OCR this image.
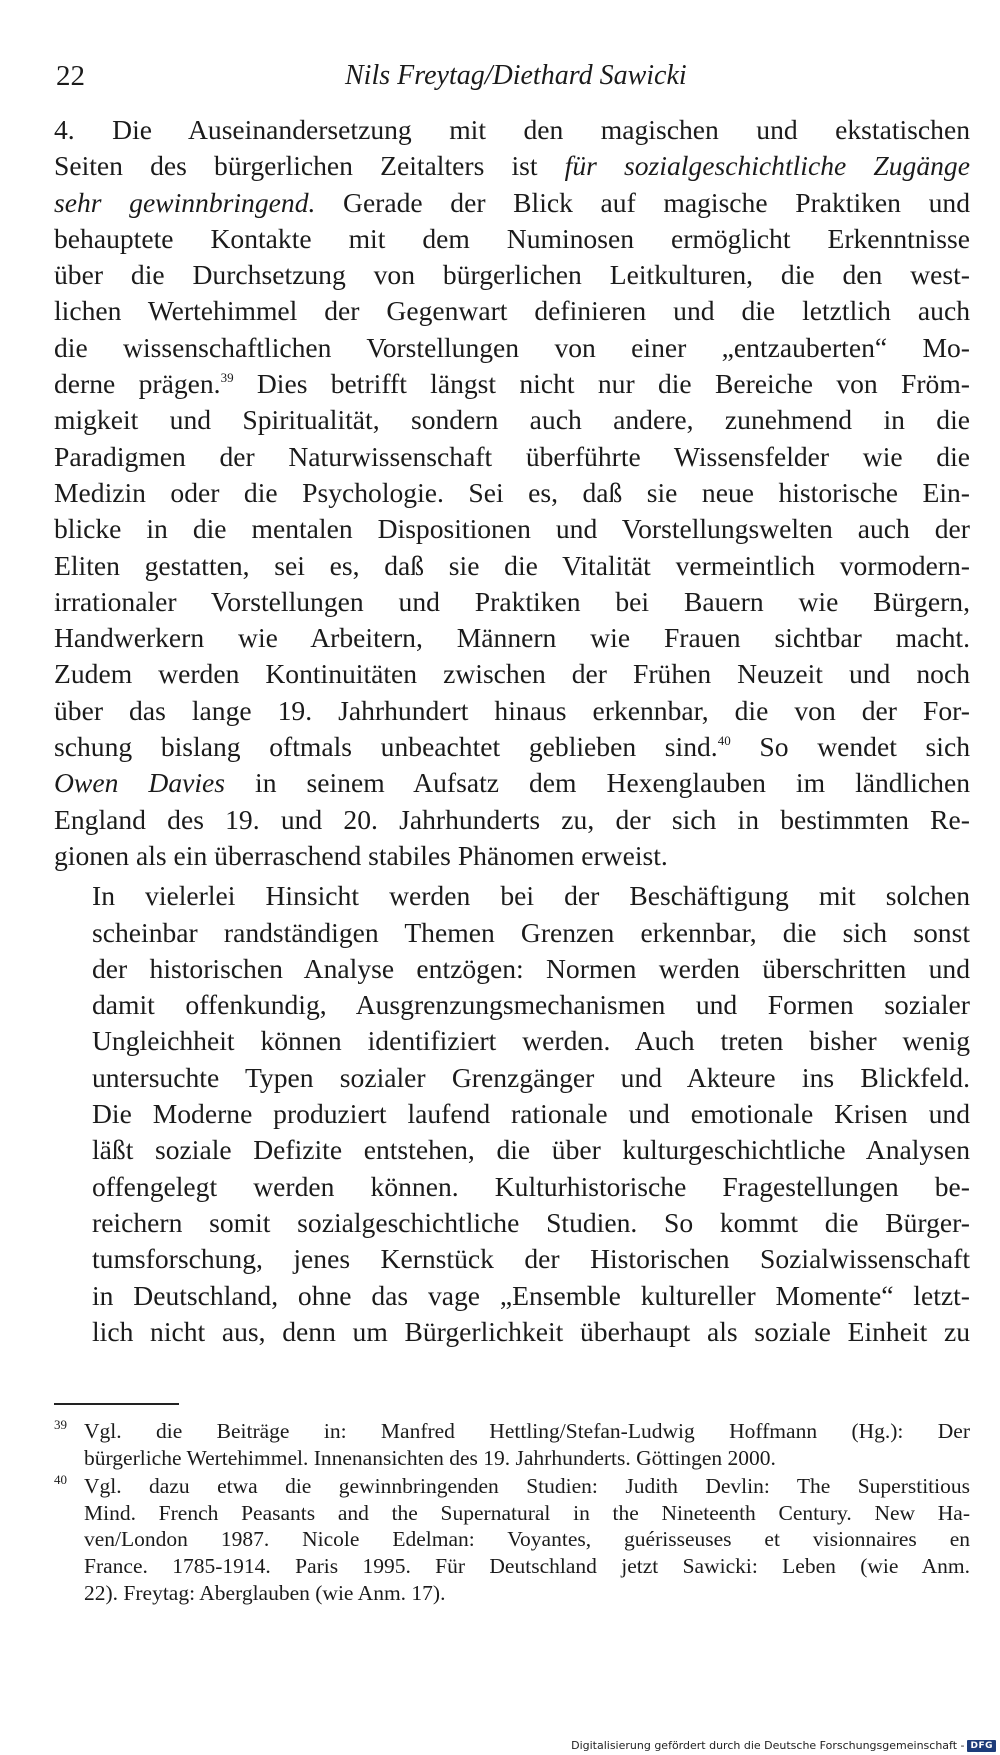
22	Nils Freytag/Diethard Sawicki

4. Die Auseinandersetzung mit den magischen und ekstatischen
Seiten des bürgerlichen Zeitalters ist für sozialgeschichtliche Zugänge
sehr gewinnbringend. Gerade der Blick auf magische Praktiken und
behauptete Kontakte mit dem Numinosen ermöglicht Erkenntnisse
über die Durchsetzung von bürgerlichen Leitkulturen, die den west-
lichen Wertehimmel der Gegenwart definieren und die letztlich auch
die wissenschaftlichen Vorstellungen von einer „entzauberten“ Mo-
derne prägen.$^{39}$ Dies betrifft längst nicht nur die Bereiche von Fröm-
migkeit und Spiritualität, sondern auch andere, zunehmend in die
Paradigmen der Naturwissenschaft überführte Wissensfelder wie die
Medizin oder die Psychologie. Sei es, daß sie neue historische Ein-
blicke in die mentalen Dispositionen und Vorstellungswelten auch der
Eliten gestatten, sei es, daß sie die Vitalität vermeintlich vormodern-
irrationaler Vorstellungen und Praktiken bei Bauern wie Bürgern,
Handwerkern wie Arbeitern, Männern wie Frauen sichtbar macht.
Zudem werden Kontinuitäten zwischen der Frühen Neuzeit und noch
über das lange 19. Jahrhundert hinaus erkennbar, die von der For-
schung bislang oftmals unbeachtet geblieben sind.$^{40}$ So wendet sich
Owen Davies in seinem Aufsatz dem Hexenglauben im ländlichen
England des 19. und 20. Jahrhunderts zu, der sich in bestimmten Re-
gionen als ein überraschend stabiles Phänomen erweist.

In vielerlei Hinsicht werden bei der Beschäftigung mit solchen
scheinbar randständigen Themen Grenzen erkennbar, die sich sonst
der historischen Analyse entzögen: Normen werden überschritten und
damit offenkundig, Ausgrenzungsmechanismen und Formen sozialer
Ungleichheit können identifiziert werden. Auch treten bisher wenig
untersuchte Typen sozialer Grenzgänger und Akteure ins Blickfeld.
Die Moderne produziert laufend rationale und emotionale Krisen und
läßt soziale Defizite entstehen, die über kulturgeschichtliche Analysen
offengelegt werden können. Kulturhistorische Fragestellungen be-
reichern somit sozialgeschichtliche Studien. So kommt die Bürger-
tumsforschung, jenes Kernstück der Historischen Sozialwissenschaft
in Deutschland, ohne das vage „Ensemble kultureller Momente“ letzt-
lich nicht aus, denn um Bürgerlichkeit überhaupt als soziale Einheit zu

39 Vgl. die Beiträge in: Manfred Hettling/Stefan-Ludwig Hoffmann (Hg.): Der
bürgerliche Wertehimmel. Innenansichten des 19. Jahrhunderts. Göttingen 2000.
40 Vgl. dazu etwa die gewinnbringenden Studien: Judith Devlin: The Superstitious
Mind. French Peasants and the Supernatural in the Nineteenth Century. New Ha-
ven/London 1987. Nicole Edelman: Voyantes, guérisseuses et visionnaires en
France. 1785-1914. Paris 1995. Für Deutschland jetzt Sawicki: Leben (wie Anm.
22). Freytag: Aberglauben (wie Anm. 17).
Digitalisierung gefördert durch die Deutsche Forschungsgemeinschaft - DFG
